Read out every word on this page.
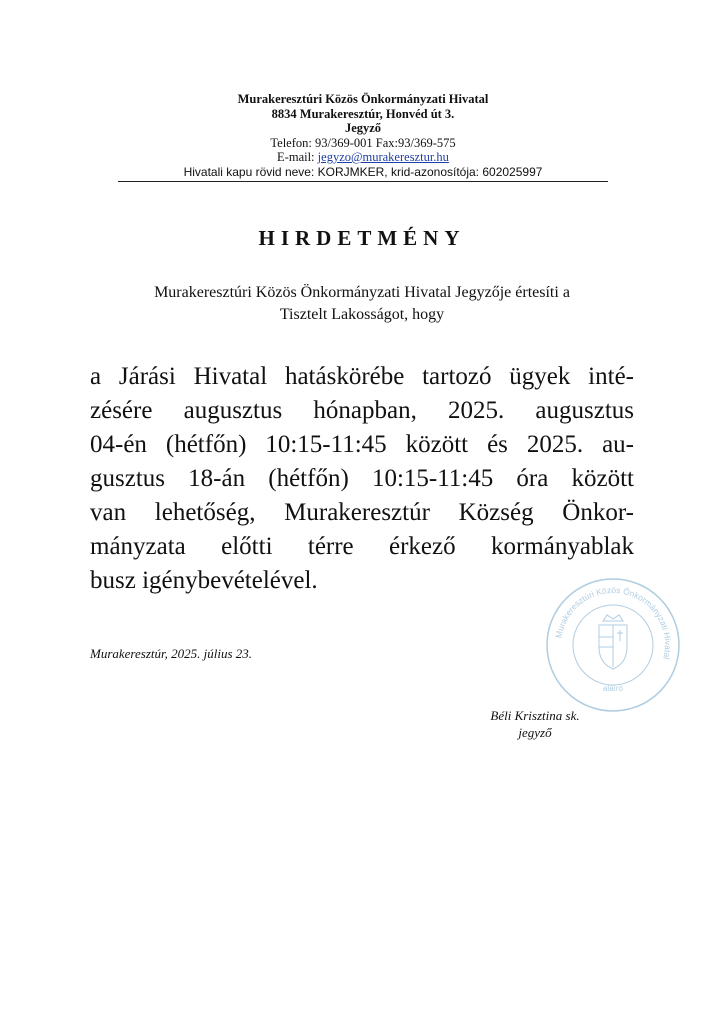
Murakeresztúri Közös Önkormányzati Hivatal
8834 Murakeresztúr, Honvéd út 3.
Jegyző
Telefon: 93/369-001 Fax:93/369-575
E-mail: jegyzo@murakeresztur.hu
Hivatali kapu rövid neve: KORJMKER, krid-azonosítója: 602025997
HIRDETMÉNY
Murakeresztúri Közös Önkormányzati Hivatal Jegyzője értesíti a
Tisztelt Lakosságot, hogy
a Járási Hivatal hatáskörébe tartozó ügyek inté-
zésére augusztus hónapban, 2025. augusztus
04-én (hétfőn) 10:15-11:45 között és 2025. au-
gusztus 18-án (hétfőn) 10:15-11:45 óra között
van lehetőség, Murakeresztúr Község Önkor-
mányzata előtti térre érkező kormányablak
busz igénybevételével.
Murakeresztúr, 2025. július 23.
Murakeresztúri Közös Önkormányzati Hivatal
aláíró
Béli Krisztina sk.
jegyző
